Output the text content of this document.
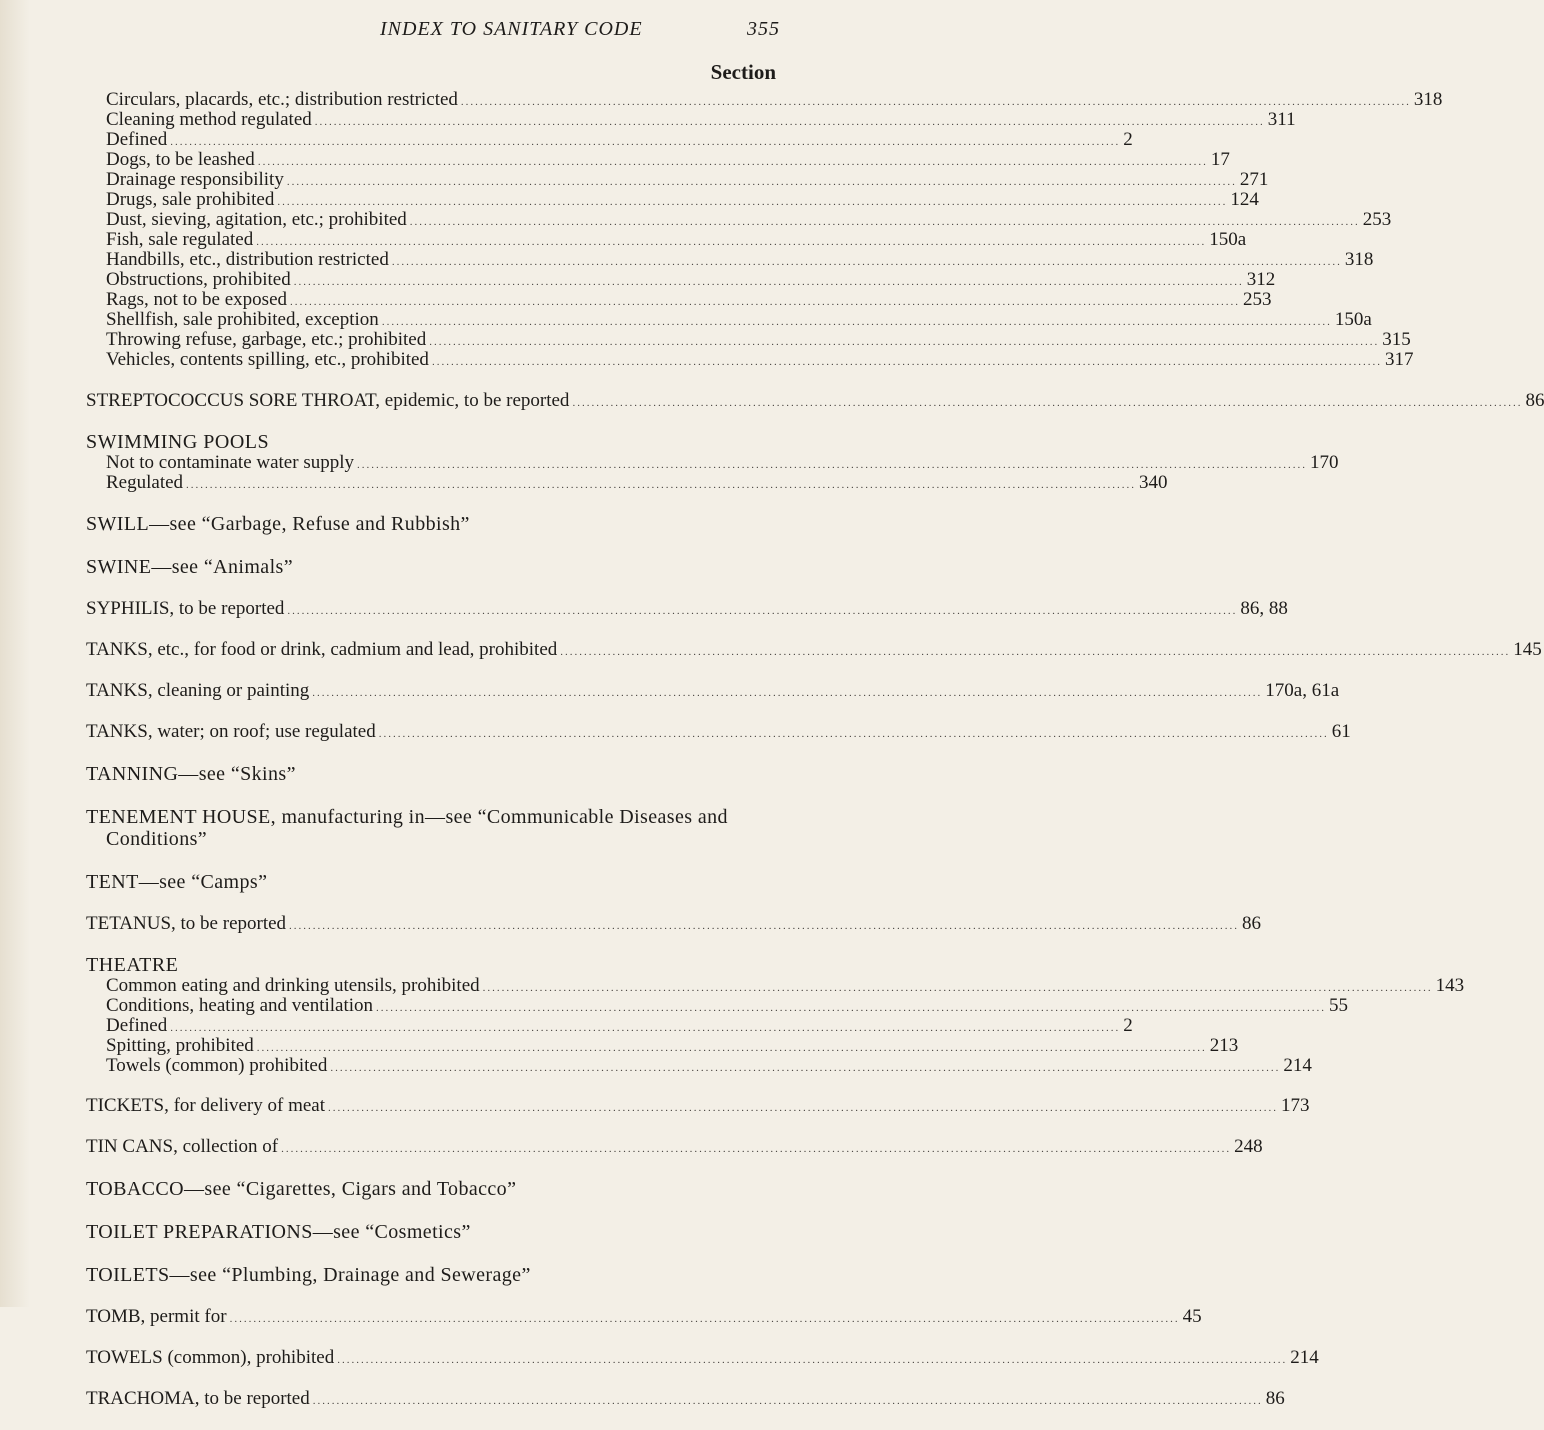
INDEX TO SANITARY CODE	355
Section
Circulars, placards, etc.; distribution restricted .....	318
Cleaning method regulated .....	311
Defined .....	2
Dogs, to be leashed .....	17
Drainage responsibility .....	271
Drugs, sale prohibited .....	124
Dust, sieving, agitation, etc.; prohibited .....	253
Fish, sale regulated .....	150a
Handbills, etc., distribution restricted .....	318
Obstructions, prohibited .....	312
Rags, not to be exposed .....	253
Shellfish, sale prohibited, exception .....	150a
Throwing refuse, garbage, etc.; prohibited .....	315
Vehicles, contents spilling, etc., prohibited .....	317
STREPTOCOCCUS SORE THROAT, epidemic, to be reported .....	86
SWIMMING POOLS
Not to contaminate water supply .....	170
Regulated .....	340
SWILL—see “Garbage, Refuse and Rubbish”
SWINE—see “Animals”
SYPHILIS, to be reported .....	86, 88
TANKS, etc., for food or drink, cadmium and lead, prohibited .....	145
TANKS, cleaning or painting .....	170a, 61a
TANKS, water; on roof; use regulated .....	61
TANNING—see “Skins”
TENEMENT HOUSE, manufacturing in—see “Communicable Diseases and
Conditions”
TENT—see “Camps”
TETANUS, to be reported .....	86
THEATRE
Common eating and drinking utensils, prohibited .....	143
Conditions, heating and ventilation .....	55
Defined .....	2
Spitting, prohibited .....	213
Towels (common) prohibited .....	214
TICKETS, for delivery of meat .....	173
TIN CANS, collection of .....	248
TOBACCO—see “Cigarettes, Cigars and Tobacco”
TOILET PREPARATIONS—see “Cosmetics”
TOILETS—see “Plumbing, Drainage and Sewerage”
TOMB, permit for .....	45
TOWELS (common), prohibited .....	214
TRACHOMA, to be reported .....	86
